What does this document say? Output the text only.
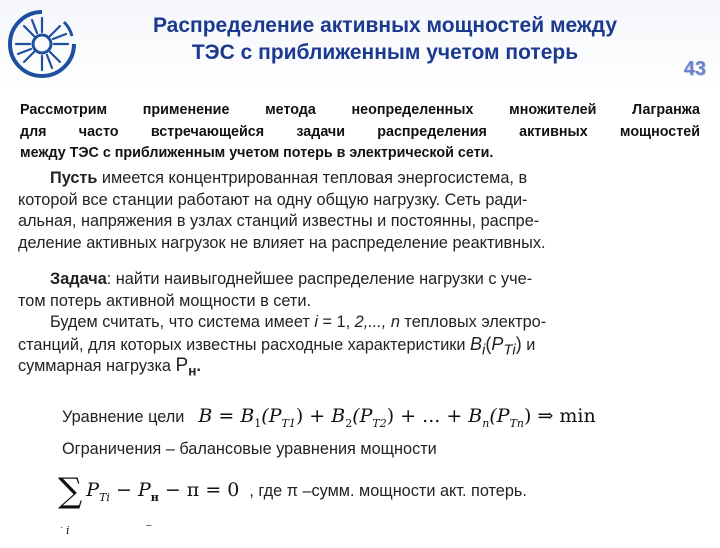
Распределение активных мощностей между
ТЭС с приближенным учетом потерь
43
Рассмотрим применение метода неопределенных множителей Лагранжа
для часто встречающейся задачи распределения активных мощностей
между ТЭС с приближенным учетом потерь в электрической сети.
Пусть имеется концентрированная тепловая энергосистема, в
которой все станции работают на одну общую нагрузку. Сеть ради-
альная, напряжения в узлах станций известны и постоянны, распре-
деление активных нагрузок не влияет на распределение реактивных.
Задача: найти наивыгоднейшее распределение нагрузки с уче-
том потерь активной мощности в сети.
Будем считать, что система имеет i = 1, 2,..., n тепловых электро-
станций, для которых известны расходные характеристики $B_i(P_{Ti})$ и
суммарная нагрузка $P_н$.
Уравнение цели $B = B_1(P_{T1}) + B_2(P_{T2})$ + ... + $B_n(P_{Tn})$ ⇒ min
Ограничения – балансовые уравнения мощности
∑
i
$P_{Ti} - P_н - \pi = 0$ , где π –сумм. мощности акт. потерь.
·	–
